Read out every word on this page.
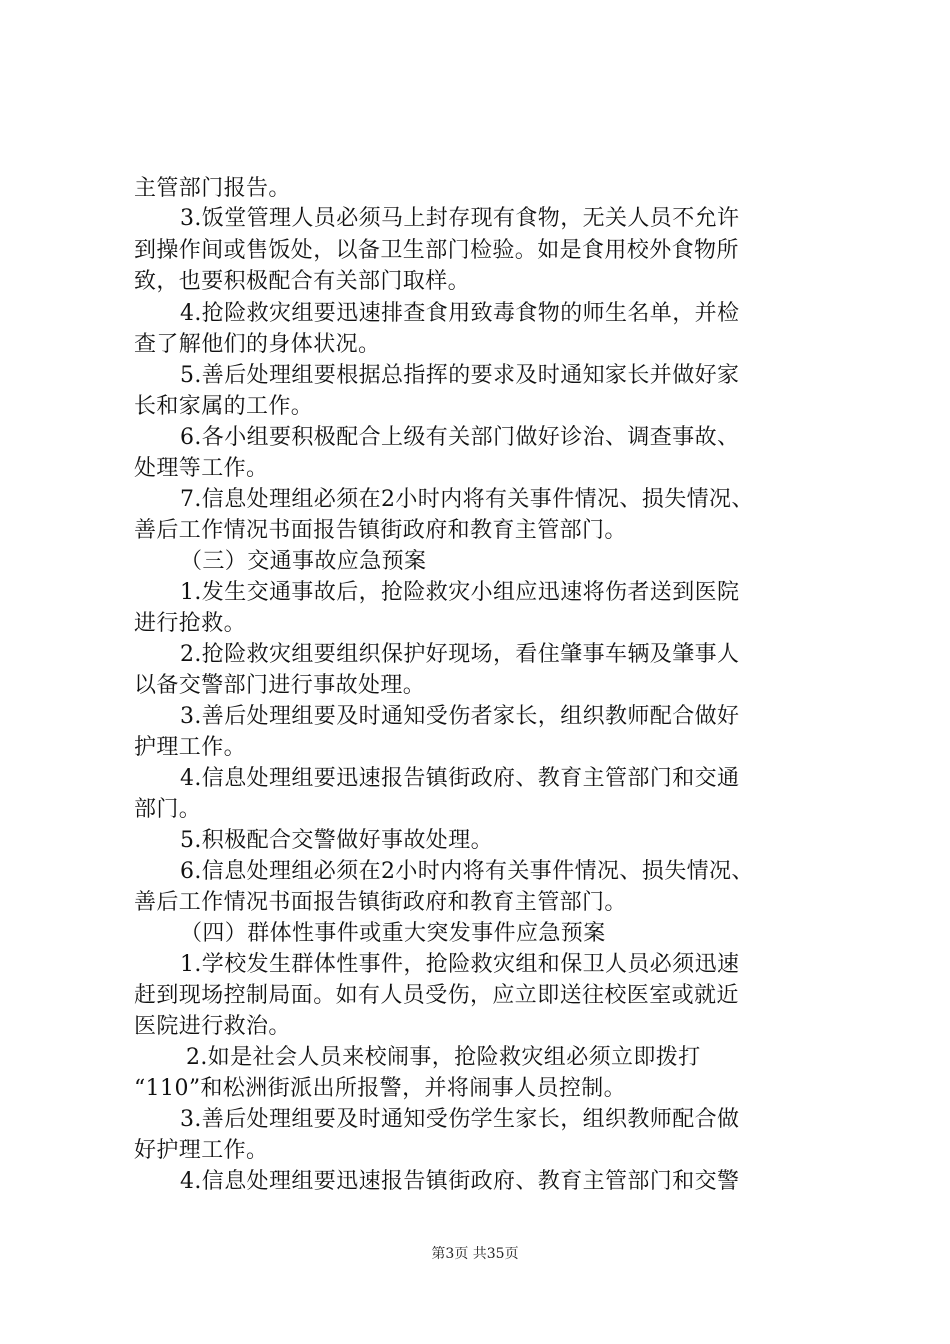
主管部门报告。
3.饭堂管理人员必须马上封存现有食物，无关人员不允许
到操作间或售饭处，以备卫生部门检验。如是食用校外食物所
致，也要积极配合有关部门取样。
4.抢险救灾组要迅速排查食用致毒食物的师生名单，并检
查了解他们的身体状况。
5.善后处理组要根据总指挥的要求及时通知家长并做好家
长和家属的工作。
6.各小组要积极配合上级有关部门做好诊治、调查事故、
处理等工作。
7.信息处理组必须在2小时内将有关事件情况、损失情况、
善后工作情况书面报告镇街政府和教育主管部门。
（三）交通事故应急预案
1.发生交通事故后，抢险救灾小组应迅速将伤者送到医院
进行抢救。
2.抢险救灾组要组织保护好现场，看住肇事车辆及肇事人
以备交警部门进行事故处理。
3.善后处理组要及时通知受伤者家长，组织教师配合做好
护理工作。
4.信息处理组要迅速报告镇街政府、教育主管部门和交通
部门。
5.积极配合交警做好事故处理。
6.信息处理组必须在2小时内将有关事件情况、损失情况、
善后工作情况书面报告镇街政府和教育主管部门。
（四）群体性事件或重大突发事件应急预案
1.学校发生群体性事件，抢险救灾组和保卫人员必须迅速
赶到现场控制局面。如有人员受伤，应立即送往校医室或就近
医院进行救治。
2.如是社会人员来校闹事，抢险救灾组必须立即拨打
“110”和松洲街派出所报警，并将闹事人员控制。
3.善后处理组要及时通知受伤学生家长，组织教师配合做
好护理工作。
4.信息处理组要迅速报告镇街政府、教育主管部门和交警
第3页 共35页
